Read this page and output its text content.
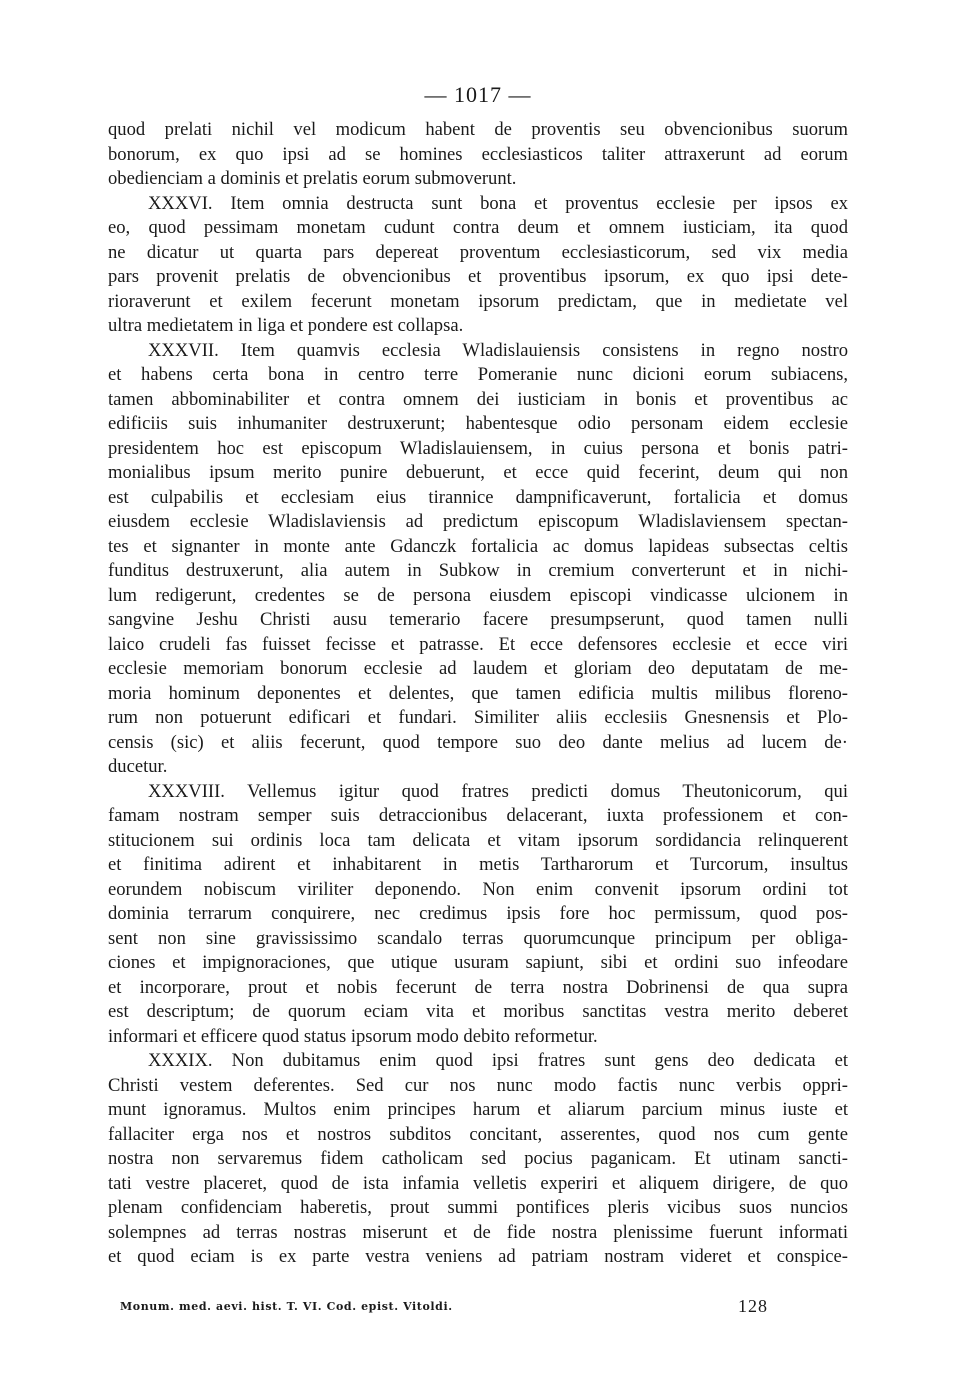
— 1017 —
quod prelati nichil vel modicum habent de proventis seu obvencionibus suorum
bonorum, ex quo ipsi ad se homines ecclesiasticos taliter attraxerunt ad eorum
obedienciam a dominis et prelatis eorum submoverunt.
XXXVI. Item omnia destructa sunt bona et proventus ecclesie per ipsos ex
eo, quod pessimam monetam cudunt contra deum et omnem iusticiam, ita quod
ne dicatur ut quarta pars depereat proventum ecclesiasticorum, sed vix media
pars provenit prelatis de obvencionibus et proventibus ipsorum, ex quo ipsi dete-
rioraverunt et exilem fecerunt monetam ipsorum predictam, que in medietate vel
ultra medietatem in liga et pondere est collapsa.
XXXVII. Item quamvis ecclesia Wladislauiensis consistens in regno nostro
et habens certa bona in centro terre Pomeranie nunc dicioni eorum subiacens,
tamen abbominabiliter et contra omnem dei iusticiam in bonis et proventibus ac
edificiis suis inhumaniter destruxerunt; habentesque odio personam eidem ecclesie
presidentem hoc est episcopum Wladislauiensem, in cuius persona et bonis patri-
monialibus ipsum merito punire debuerunt, et ecce quid fecerint, deum qui non
est culpabilis et ecclesiam eius tirannice dampnificaverunt, fortalicia et domus
eiusdem ecclesie Wladislaviensis ad predictum episcopum Wladislaviensem spectan-
tes et signanter in monte ante Gdanczk fortalicia ac domus lapideas subsectas celtis
funditus destruxerunt, alia autem in Subkow in cremium converterunt et in nichi-
lum redigerunt, credentes se de persona eiusdem episcopi vindicasse ulcionem in
sangvine Jeshu Christi ausu temerario facere presumpserunt, quod tamen nulli
laico crudeli fas fuisset fecisse et patrasse. Et ecce defensores ecclesie et ecce viri
ecclesie memoriam bonorum ecclesie ad laudem et gloriam deo deputatam de me-
moria hominum deponentes et delentes, que tamen edificia multis milibus floreno-
rum non potuerunt edificari et fundari. Similiter aliis ecclesiis Gnesnensis et Plo-
censis (sic) et aliis fecerunt, quod tempore suo deo dante melius ad lucem de·
ducetur.
XXXVIII. Vellemus igitur quod fratres predicti domus Theutonicorum, qui
famam nostram semper suis detraccionibus delacerant, iuxta professionem et con-
stitucionem sui ordinis loca tam delicata et vitam ipsorum sordidancia relinquerent
et finitima adirent et inhabitarent in metis Tartharorum et Turcorum, insultus
eorundem nobiscum viriliter deponendo. Non enim convenit ipsorum ordini tot
dominia terrarum conquirere, nec credimus ipsis fore hoc permissum, quod pos-
sent non sine gravississimo scandalo terras quorumcunque principum per obliga-
ciones et impignoraciones, que utique usuram sapiunt, sibi et ordini suo infeodare
et incorporare, prout et nobis fecerunt de terra nostra Dobrinensi de qua supra
est descriptum; de quorum eciam vita et moribus sanctitas vestra merito deberet
informari et efficere quod status ipsorum modo debito reformetur.
XXXIX. Non dubitamus enim quod ipsi fratres sunt gens deo dedicata et
Christi vestem deferentes. Sed cur nos nunc modo factis nunc verbis oppri-
munt ignoramus. Multos enim principes harum et aliarum parcium minus iuste et
fallaciter erga nos et nostros subditos concitant, asserentes, quod nos cum gente
nostra non servaremus fidem catholicam sed pocius paganicam. Et utinam sancti-
tati vestre placeret, quod de ista infamia velletis experiri et aliquem dirigere, de quo
plenam confidenciam haberetis, prout summi pontifices pleris vicibus suos nuncios
solempnes ad terras nostras miserunt et de fide nostra plenissime fuerunt informati
et quod eciam is ex parte vestra veniens ad patriam nostram videret et conspice-
Monum. med. aevi. hist. T. VI. Cod. epist. Vitoldi.	128
